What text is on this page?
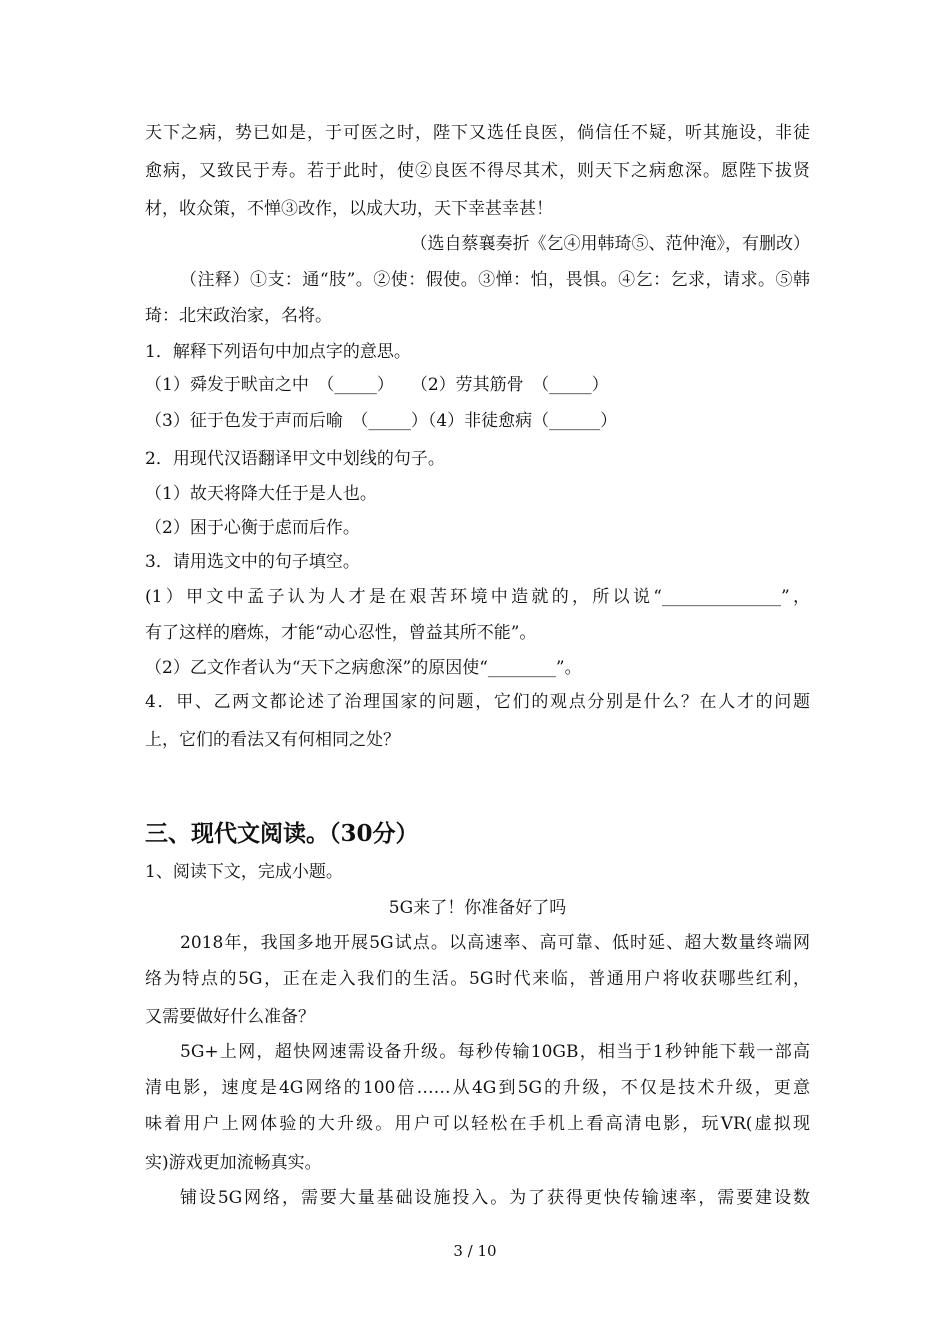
天下之病，势已如是，于可医之时，陛下又选任良医，倘信任不疑，听其施设，非徒
愈病，又致民于寿。若于此时，使②良医不得尽其术，则天下之病愈深。愿陛下拔贤
材，收众策，不惮③改作，以成大功，天下幸甚幸甚！
（选自蔡襄奏折《乞④用韩琦⑤、范仲淹》，有删改）
（注释）①支：通“肢”。②使：假使。③惮：怕，畏惧。④乞：乞求，请求。⑤韩
琦：北宋政治家，名将。
1．解释下列语句中加点字的意思。
（1）舜发于畎亩之中　（_____）　　（2）劳其筋骨　（_____）
（3）征于色发于声而后喻　（_____）（4）非徒愈病（______）
2．用现代汉语翻译甲文中划线的句子。
（1）故天将降大任于是人也。
（2）困于心衡于虑而后作。
3．请用选文中的句子填空。
(1）甲文中孟子认为人才是在艰苦环境中造就的，所以说“______________”，
有了这样的磨炼，才能“动心忍性，曾益其所不能”。
（2）乙文作者认为“天下之病愈深”的原因使“________”。
4．甲、乙两文都论述了治理国家的问题，它们的观点分别是什么？在人才的问题
上，它们的看法又有何相同之处？
三、现代文阅读。（30分）
1、阅读下文，完成小题。
5G来了！你准备好了吗
2018年，我国多地开展5G试点。以高速率、高可靠、低时延、超大数量终端网
络为特点的5G，正在走入我们的生活。5G时代来临，普通用户将收获哪些红利，
又需要做好什么准备？
5G+上网，超快网速需设备升级。每秒传输10GB，相当于1秒钟能下载一部高
清电影，速度是4G网络的100倍……从4G到5G的升级，不仅是技术升级，更意
味着用户上网体验的大升级。用户可以轻松在手机上看高清电影，玩VR(虚拟现
实)游戏更加流畅真实。
铺设5G网络，需要大量基础设施投入。为了获得更快传输速率，需要建设数
3 / 10
